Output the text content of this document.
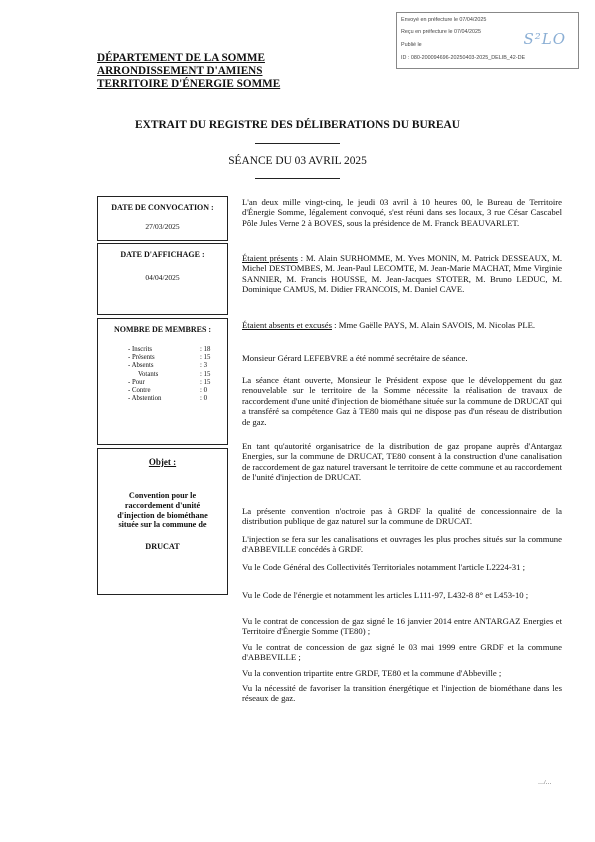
Envoyé en préfecture le 07/04/2025
Reçu en préfecture le 07/04/2025
Publié le
ID : 080-200094696-20250403-2025_DELIB_42-DE
S²LO
DÉPARTEMENT DE LA SOMME
ARRONDISSEMENT D'AMIENS
TERRITOIRE D'ÉNERGIE SOMME
EXTRAIT DU REGISTRE DES DÉLIBERATIONS DU BUREAU
SÉANCE DU 03 AVRIL 2025
DATE DE CONVOCATION :
27/03/2025
DATE D'AFFICHAGE :
04/04/2025
NOMBRE DE MEMBRES :
- Inscrits	: 18
- Présents	: 15
- Absents	: 3
Votants	: 15
- Pour	: 15
- Contre	: 0
- Abstention	: 0
Objet :
Convention pour le
raccordement d'unité
d'injection de biométhane
située sur la commune de
DRUCAT

L'an deux mille vingt-cinq, le jeudi 03 avril à 10 heures 00, le Bureau de Territoire d'Énergie Somme, légalement convoqué, s'est réuni dans ses locaux, 3 rue César Cascabel Pôle Jules Verne 2 à BOVES, sous la présidence de M. Franck BEAUVARLET.

Étaient présents : M. Alain SURHOMME, M. Yves MONIN, M. Patrick DESSEAUX, M. Michel DESTOMBES, M. Jean-Paul LECOMTE, M. Jean-Marie MACHAT, Mme Virginie SANNIER, M. Francis HOUSSE, M. Jean-Jacques STOTER, M. Bruno LEDUC, M. Dominique CAMUS, M. Didier FRANCOIS, M. Daniel CAVE.

Étaient absents et excusés : Mme Gaëlle PAYS, M. Alain SAVOIS, M. Nicolas PLE.

Monsieur Gérard LEFEBVRE a été nommé secrétaire de séance.

La séance étant ouverte, Monsieur le Président expose que le développement du gaz renouvelable sur le territoire de la Somme nécessite la réalisation de travaux de raccordement d'une unité d'injection de biométhane située sur la commune de DRUCAT qui a transféré sa compétence Gaz à TE80 mais qui ne dispose pas d'un réseau de distribution de gaz.

En tant qu'autorité organisatrice de la distribution de gaz propane auprès d'Antargaz Energies, sur la commune de DRUCAT, TE80 consent à la construction d'une canalisation de raccordement de gaz naturel traversant le territoire de cette commune et au raccordement de l'unité d'injection de DRUCAT.

La présente convention n'octroie pas à GRDF la qualité de concessionnaire de la distribution publique de gaz naturel sur la commune de DRUCAT.

L'injection se fera sur les canalisations et ouvrages les plus proches situés sur la commune d'ABBEVILLE concédés à GRDF.

Vu le Code Général des Collectivités Territoriales notamment l'article L2224-31 ;

Vu le Code de l'énergie et notamment les articles L111-97, L432-8 8° et L453-10 ;

Vu le contrat de concession de gaz signé le 16 janvier 2014 entre ANTARGAZ Energies et Territoire d'Énergie Somme (TE80) ;

Vu le contrat de concession de gaz signé le 03 mai 1999 entre GRDF et la commune d'ABBEVILLE ;

Vu la convention tripartite entre GRDF, TE80 et la commune d'Abbeville ;

Vu la nécessité de favoriser la transition énergétique et l'injection de biométhane dans les réseaux de gaz.

…/…
